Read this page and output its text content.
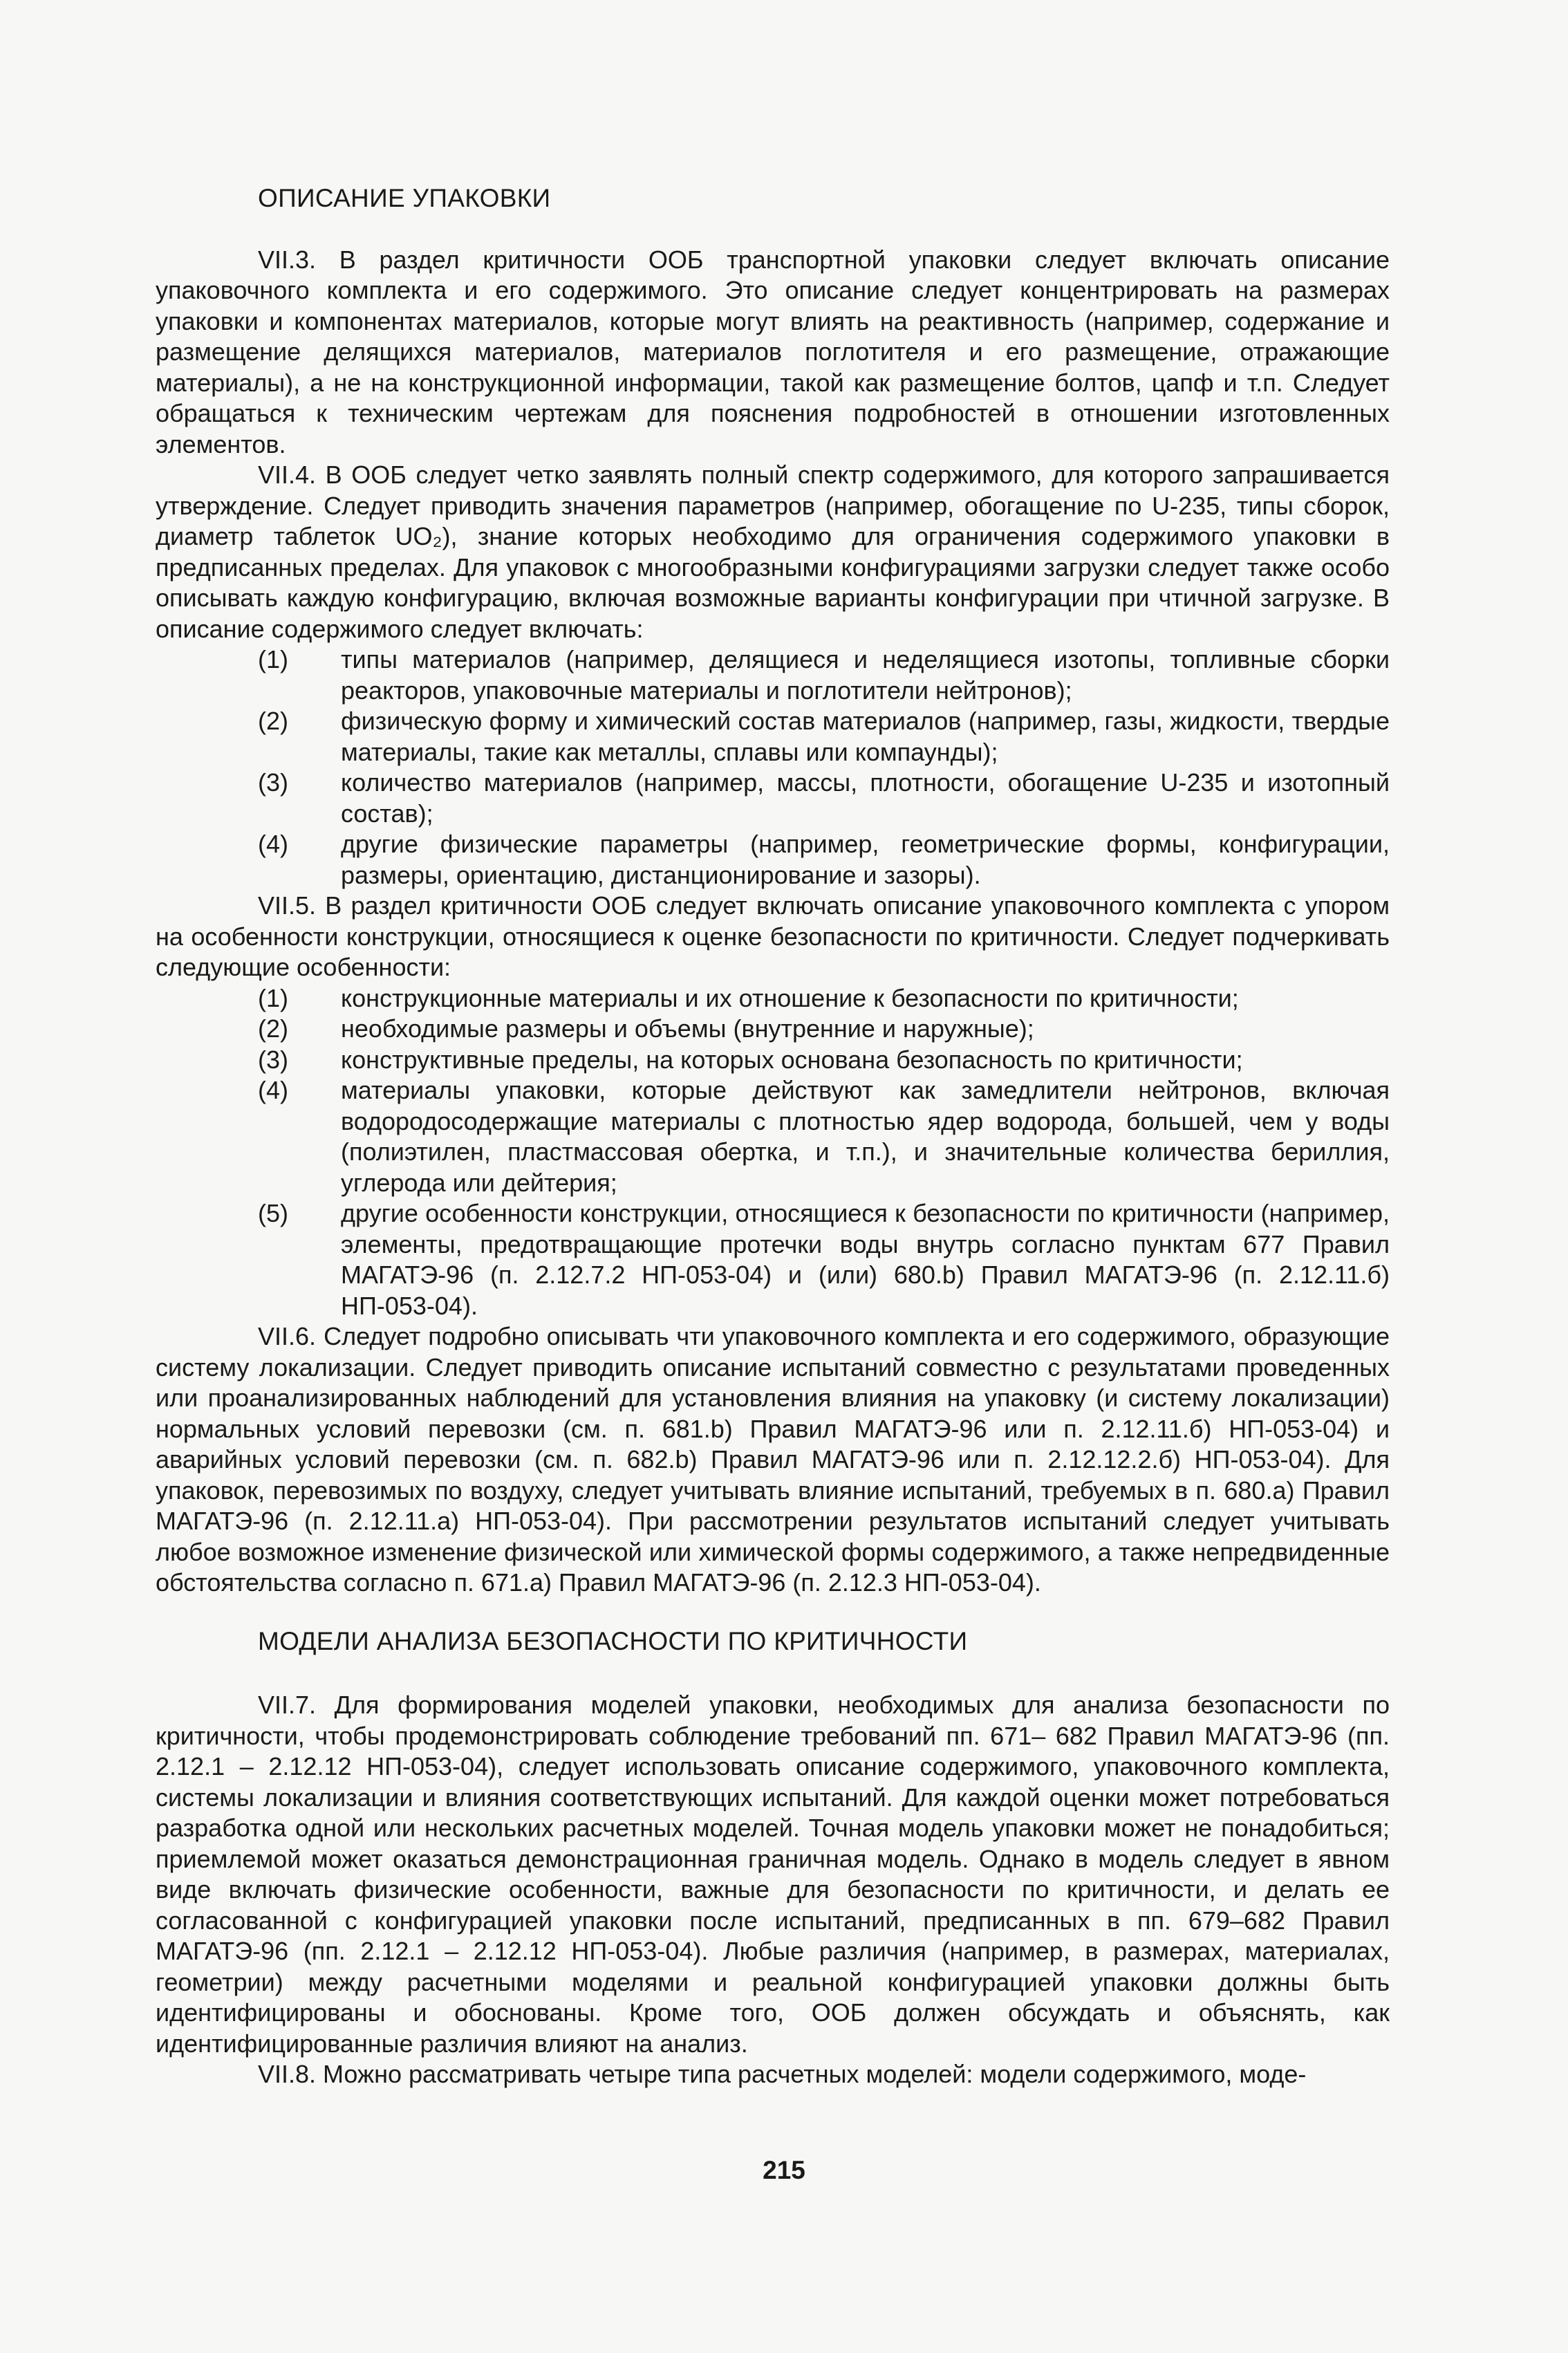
ОПИСАНИЕ УПАКОВКИ

VII.3. В раздел критичности ООБ транспортной упаковки следует включать описание упаковочного комплекта и его содержимого. Это описание следует концентрировать на размерах упаковки и компонентах материалов, которые могут влиять на реактивность (например, содержание и размещение делящихся материалов, материалов поглотителя и его размещение, отражающие материалы), а не на конструкционной информации, такой как размещение болтов, цапф и т.п. Следует обращаться к техническим чертежам для пояснения подробностей в отношении изготовленных элементов.

VII.4. В ООБ следует четко заявлять полный спектр содержимого, для которого запрашивается утверждение. Следует приводить значения параметров (например, обогащение по U-235, типы сборок, диаметр таблеток UO₂), знание которых необходимо для ограничения содержимого упаковки в предписанных пределах. Для упаковок с многообразными конфигурациями загрузки следует также особо описывать каждую конфигурацию, включая возможные варианты конфигурации при чтичной загрузке. В описание содержимого следует включать:

(1) типы материалов (например, делящиеся и неделящиеся изотопы, топливные сборки реакторов, упаковочные материалы и поглотители нейтронов);
(2) физическую форму и химический состав материалов (например, газы, жидкости, твердые материалы, такие как металлы, сплавы или компаунды);
(3) количество материалов (например, массы, плотности, обогащение U-235 и изотопный состав);
(4) другие физические параметры (например, геометрические формы, конфигурации, размеры, ориентацию, дистанционирование и зазоры).

VII.5. В раздел критичности ООБ следует включать описание упаковочного комплекта с упором на особенности конструкции, относящиеся к оценке безопасности по критичности. Следует подчеркивать следующие особенности:

(1) конструкционные материалы и их отношение к безопасности по критичности;
(2) необходимые размеры и объемы (внутренние и наружные);
(3) конструктивные пределы, на которых основана безопасность по критичности;
(4) материалы упаковки, которые действуют как замедлители нейтронов, включая водородосодержащие материалы с плотностью ядер водорода, большей, чем у воды (полиэтилен, пластмассовая обертка, и т.п.), и значительные количества бериллия, углерода или дейтерия;
(5) другие особенности конструкции, относящиеся к безопасности по критичности (например, элементы, предотвращающие протечки воды внутрь согласно пунктам 677 Правил МАГАТЭ-96 (п. 2.12.7.2 НП-053-04) и (или) 680.b) Правил МАГАТЭ-96 (п. 2.12.11.б) НП-053-04).

VII.6. Следует подробно описывать чти упаковочного комплекта и его содержимого, образующие систему локализации. Следует приводить описание испытаний совместно с результатами проведенных или проанализированных наблюдений для установления влияния на упаковку (и систему локализации) нормальных условий перевозки (см. п. 681.b) Правил МАГАТЭ-96 или п. 2.12.11.б) НП-053-04) и аварийных условий перевозки (см. п. 682.b) Правил МАГАТЭ-96 или п. 2.12.12.2.б) НП-053-04). Для упаковок, перевозимых по воздуху, следует учитывать влияние испытаний, требуемых в п. 680.а) Правил МАГАТЭ-96 (п. 2.12.11.а) НП-053-04). При рассмотрении результатов испытаний следует учитывать любое возможное изменение физической или химической формы содержимого, а также непредвиденные обстоятельства согласно п. 671.а) Правил МАГАТЭ-96 (п. 2.12.3 НП-053-04).

МОДЕЛИ АНАЛИЗА БЕЗОПАСНОСТИ ПО КРИТИЧНОСТИ

VII.7. Для формирования моделей упаковки, необходимых для анализа безопасности по критичности, чтобы продемонстрировать соблюдение требований пп. 671– 682 Правил МАГАТЭ-96 (пп. 2.12.1 – 2.12.12 НП-053-04), следует использовать описание содержимого, упаковочного комплекта, системы локализации и влияния соответствующих испытаний. Для каждой оценки может потребоваться разработка одной или нескольких расчетных моделей. Точная модель упаковки может не понадобиться; приемлемой может оказаться демонстрационная граничная модель. Однако в модель следует в явном виде включать физические особенности, важные для безопасности по критичности, и делать ее согласованной с конфигурацией упаковки после испытаний, предписанных в пп. 679–682 Правил МАГАТЭ-96 (пп. 2.12.1 – 2.12.12 НП-053-04). Любые различия (например, в размерах, материалах, геометрии) между расчетными моделями и реальной конфигурацией упаковки должны быть идентифицированы и обоснованы. Кроме того, ООБ должен обсуждать и объяснять, как идентифицированные различия влияют на анализ.

VII.8. Можно рассматривать четыре типа расчетных моделей: модели содержимого, моде-

215
